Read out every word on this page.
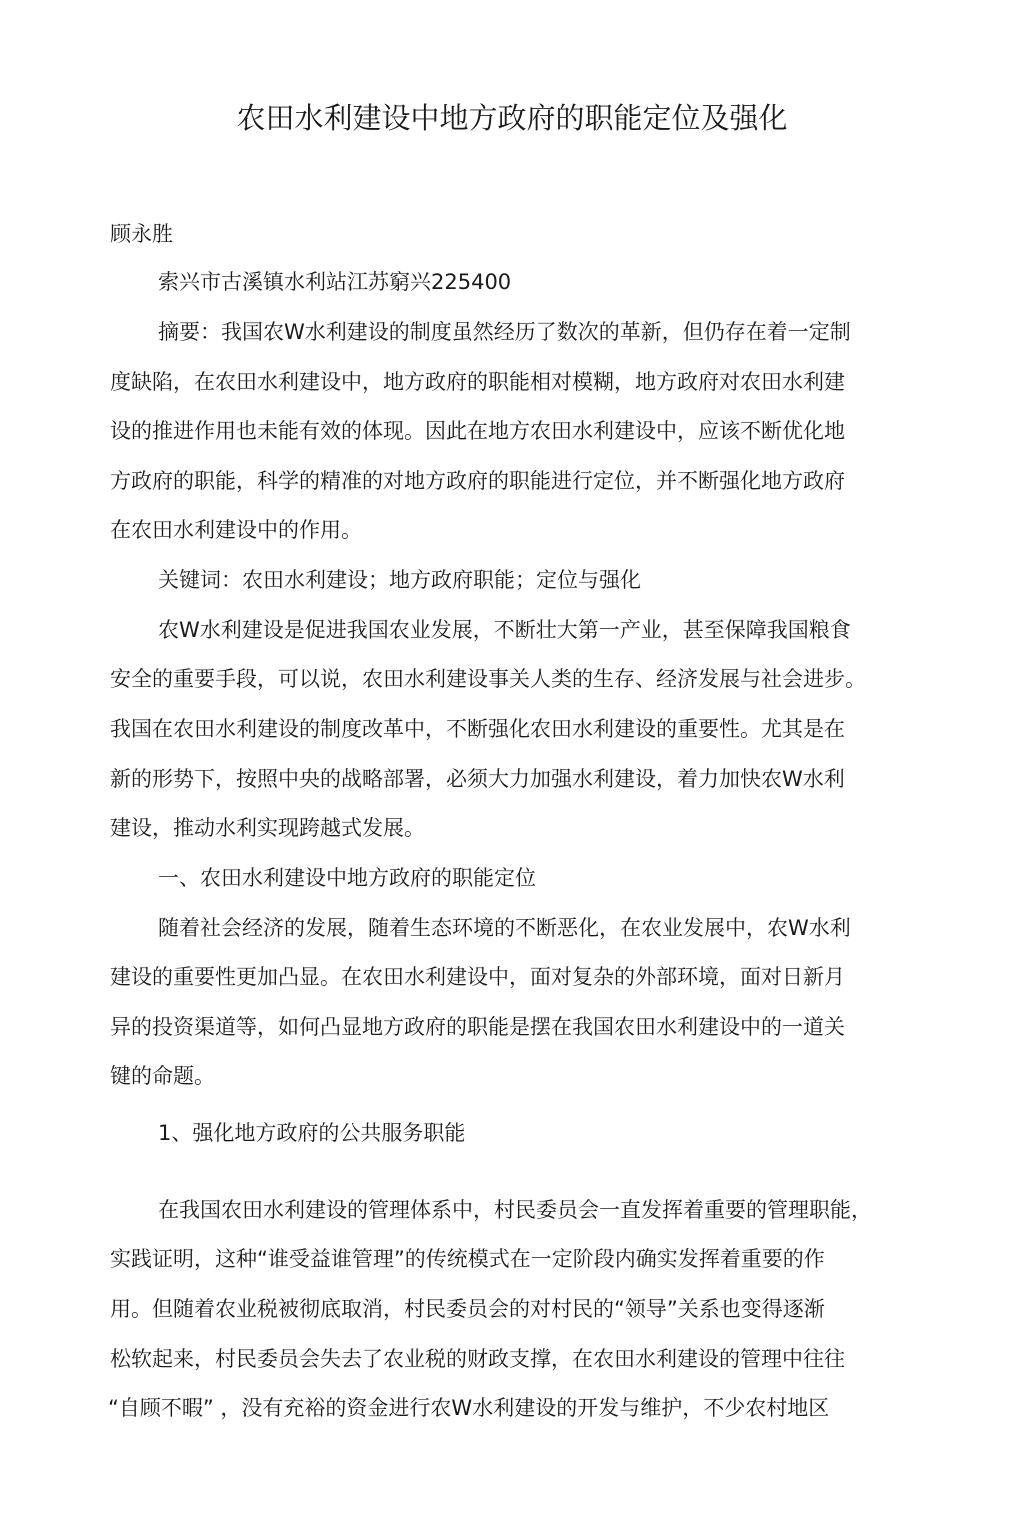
农田水利建设中地方政府的职能定位及强化

顾永胜

索兴市古溪镇水利站江苏窮兴225400

摘要：我国农W水利建设的制度虽然经历了数次的革新，但仍存在着一定制

度缺陷，在农田水利建设中，地方政府的职能相对模糊，地方政府对农田水利建

设的推进作用也未能有效的体现。因此在地方农田水利建设中，应该不断优化地

方政府的职能，科学的精准的对地方政府的职能进行定位，并不断强化地方政府

在农田水利建设中的作用。

关键词：农田水利建设；地方政府职能；定位与强化

农W水利建设是促进我国农业发展，不断壮大第一产业，甚至保障我国粮食

安全的重要手段，可以说，农田水利建设事关人类的生存、经济发展与社会进步。

我国在农田水利建设的制度改革中，不断强化农田水利建设的重要性。尤其是在

新的形势下，按照中央的战略部署，必须大力加强水利建设，着力加快农W水利

建设，推动水利实现跨越式发展。

一、农田水利建设中地方政府的职能定位

随着社会经济的发展，随着生态环境的不断恶化，在农业发展中，农W水利

建设的重要性更加凸显。在农田水利建设中，面对复杂的外部环境，面对日新月

异的投资渠道等，如何凸显地方政府的职能是摆在我国农田水利建设中的一道关

键的命题。

1、强化地方政府的公共服务职能

在我国农田水利建设的管理体系中，村民委员会一直发挥着重要的管理职能，

实践证明，这种“谁受益谁管理”的传统模式在一定阶段内确实发挥着重要的作

用。但随着农业税被彻底取消，村民委员会的对村民的“领导”关系也变得逐渐

松软起来，村民委员会失去了农业税的财政支撑，在农田水利建设的管理中往往

“自顾不暇” ，没有充裕的资金进行农W水利建设的开发与维护，不少农村地区
